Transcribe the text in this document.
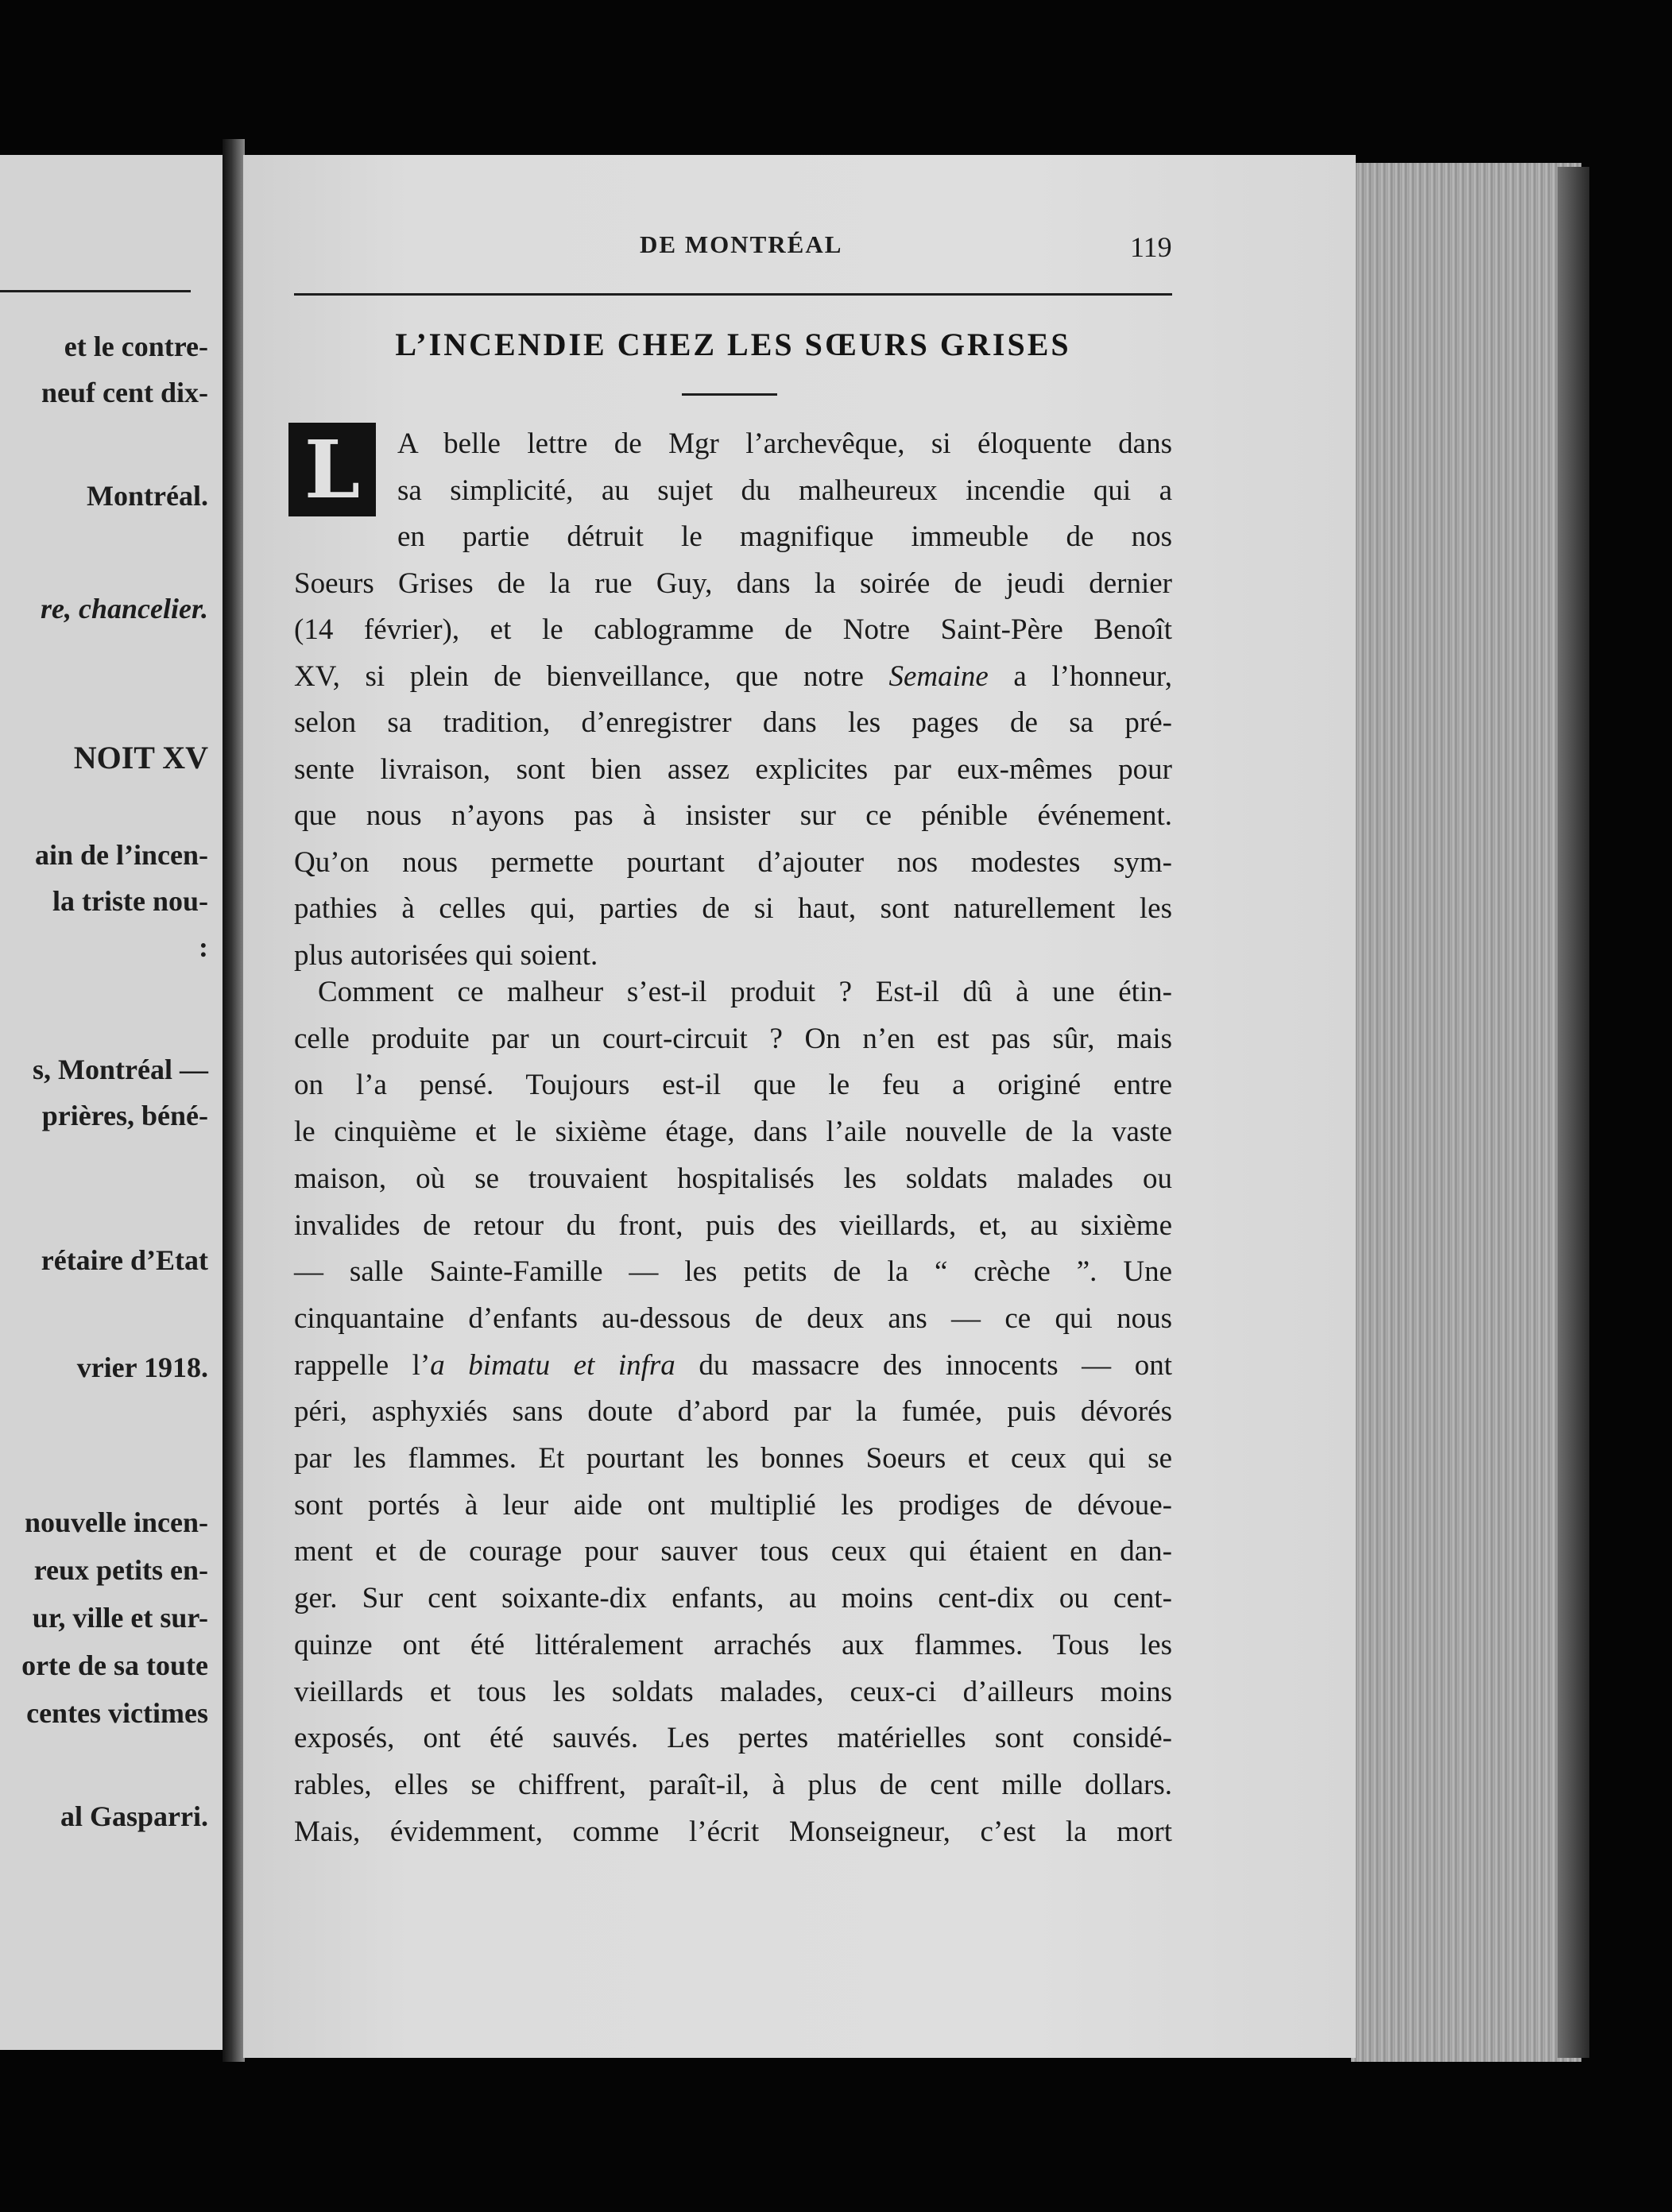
et le contre-
neuf cent dix-
Montréal.
re, chancelier.
NOIT XV
ain de l’incen-
la triste nou-
:
s, Montréal —
prières, béné-
rétaire d’Etat
vrier 1918.
nouvelle incen-
reux petits en-
ur, ville et sur-
orte de sa toute
centes victimes
al Gasparri.
DE MONTRÉAL	119
L’INCENDIE CHEZ LES SŒURS GRISES
L	A belle lettre de Mgr l’archevêque, si éloquente dans
sa simplicité, au sujet du malheureux incendie qui a
en partie détruit le magnifique immeuble de nos
Soeurs Grises de la rue Guy, dans la soirée de jeudi dernier
(14 février), et le cablogramme de Notre Saint-Père Benoît
XV, si plein de bienveillance, que notre Semaine a l’honneur,
selon sa tradition, d’enregistrer dans les pages de sa pré-
sente livraison, sont bien assez explicites par eux-mêmes pour
que nous n’ayons pas à insister sur ce pénible événement.
Qu’on nous permette pourtant d’ajouter nos modestes sym-
pathies à celles qui, parties de si haut, sont naturellement les
plus autorisées qui soient.
Comment ce malheur s’est-il produit ? Est-il dû à une étin-
celle produite par un court-circuit ? On n’en est pas sûr, mais
on l’a pensé. Toujours est-il que le feu a originé entre
le cinquième et le sixième étage, dans l’aile nouvelle de la vaste
maison, où se trouvaient hospitalisés les soldats malades ou
invalides de retour du front, puis des vieillards, et, au sixième
— salle Sainte-Famille — les petits de la “ crèche ”. Une
cinquantaine d’enfants au-dessous de deux ans — ce qui nous
rappelle l’a bimatu et infra du massacre des innocents — ont
péri, asphyxiés sans doute d’abord par la fumée, puis dévorés
par les flammes. Et pourtant les bonnes Soeurs et ceux qui se
sont portés à leur aide ont multiplié les prodiges de dévoue-
ment et de courage pour sauver tous ceux qui étaient en dan-
ger. Sur cent soixante-dix enfants, au moins cent-dix ou cent-
quinze ont été littéralement arrachés aux flammes. Tous les
vieillards et tous les soldats malades, ceux-ci d’ailleurs moins
exposés, ont été sauvés. Les pertes matérielles sont considé-
rables, elles se chiffrent, paraît-il, à plus de cent mille dollars.
Mais, évidemment, comme l’écrit Monseigneur, c’est la mort
